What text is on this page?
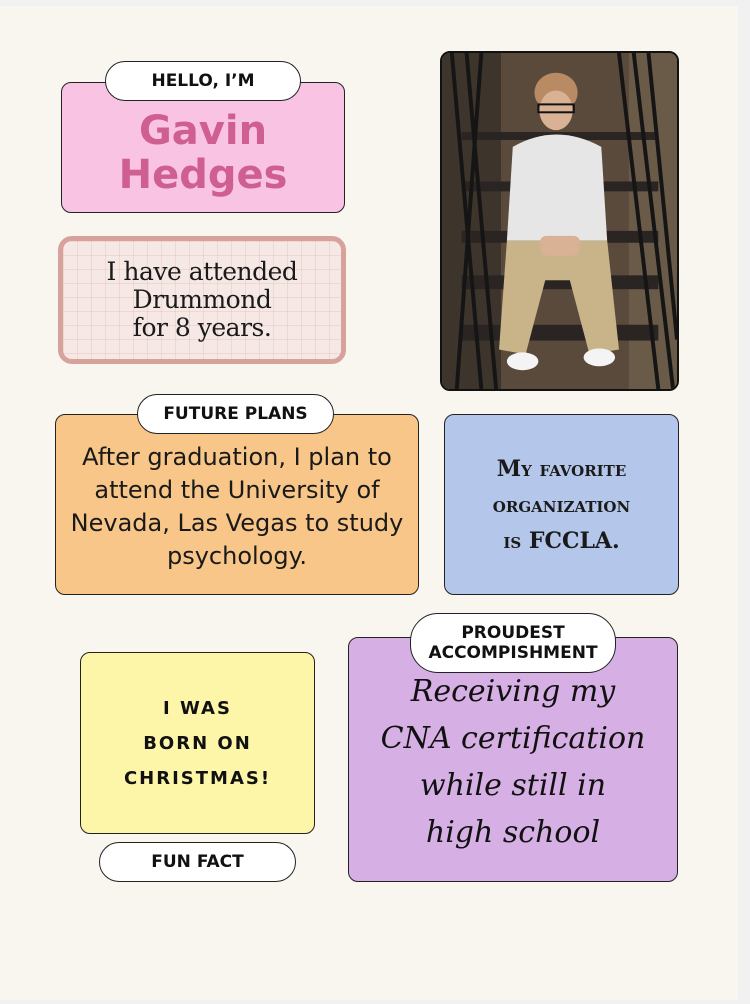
Gavin
Hedges
HELLO, I’M
I have attended
Drummond
for 8 years.
After graduation, I plan to attend the University of Nevada, Las Vegas to study psychology.
FUTURE PLANS
My favorite
organization
is FCCLA.
I WAS
BORN ON
CHRISTMAS!
FUN FACT
Receiving my
CNA certification
while still in
high school
PROUDEST
ACCOMPISHMENT
